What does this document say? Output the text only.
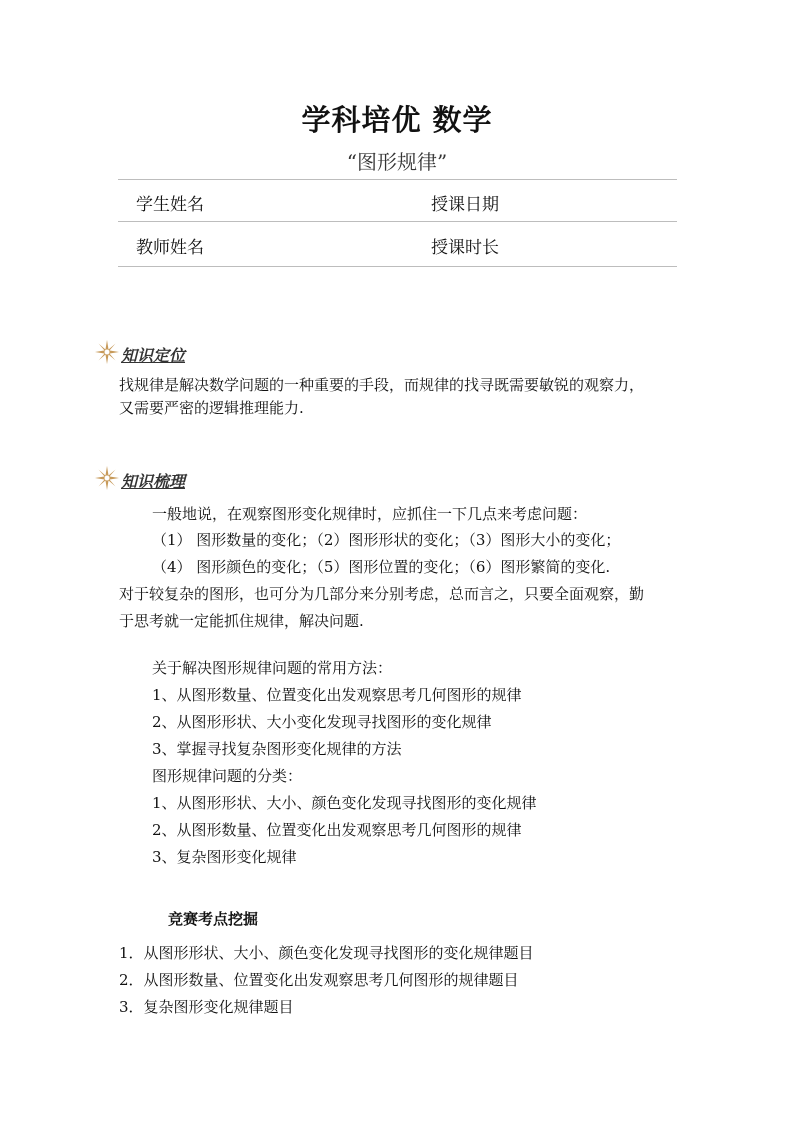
学科培优 数学
“图形规律”
学生姓名	授课日期
教师姓名	授课时长
知识定位
找规律是解决数学问题的一种重要的手段，而规律的找寻既需要敏锐的观察力，
又需要严密的逻辑推理能力.
知识梳理
一般地说，在观察图形变化规律时，应抓住一下几点来考虑问题：
（1） 图形数量的变化；（2）图形形状的变化；（3）图形大小的变化；
（4） 图形颜色的变化；（5）图形位置的变化；（6）图形繁简的变化.
对于较复杂的图形，也可分为几部分来分别考虑，总而言之，只要全面观察，勤
于思考就一定能抓住规律，解决问题.
关于解决图形规律问题的常用方法：
1、从图形数量、位置变化出发观察思考几何图形的规律
2、从图形形状、大小变化发现寻找图形的变化规律
3、掌握寻找复杂图形变化规律的方法
图形规律问题的分类：
1、从图形形状、大小、颜色变化发现寻找图形的变化规律
2、从图形数量、位置变化出发观察思考几何图形的规律
3、复杂图形变化规律
竞赛考点挖掘
1．从图形形状、大小、颜色变化发现寻找图形的变化规律题目
2．从图形数量、位置变化出发观察思考几何图形的规律题目
3．复杂图形变化规律题目
